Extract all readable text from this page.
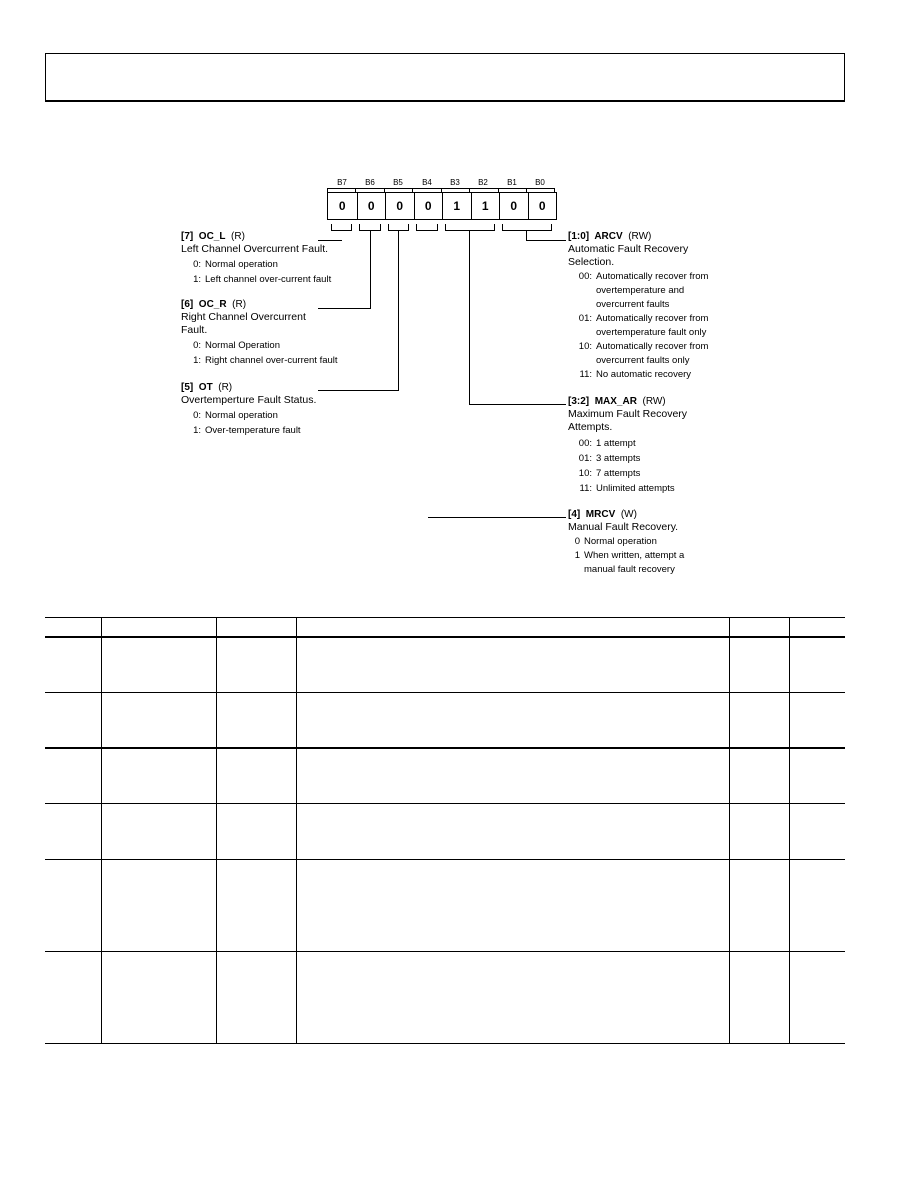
B7	B6	B5	B4	B3	B2	B1	B0
0	0	0	0	1	1	0	0
[7] OC_L (R)
Left Channel Overcurrent Fault.
0: Normal operation
1: Left channel over-current fault
[6] OC_R (R)
Right Channel Overcurrent
Fault.
0: Normal Operation
1: Right channel over-current fault
[5] OT (R)
Overtemperture Fault Status.
0: Normal operation
1: Over-temperature fault
[1:0] ARCV (RW)
Automatic Fault Recovery
Selection.
00: Automatically recover from overtemperature and overcurrent faults
01: Automatically recover from overtemperature fault only
10: Automatically recover from overcurrent faults only
11: No automatic recovery
[3:2] MAX_AR (RW)
Maximum Fault Recovery
Attempts.
00: 1 attempt
01: 3 attempts
10: 7 attempts
11: Unlimited attempts
[4] MRCV (W)
Manual Fault Recovery.
0 Normal operation
1 When written, attempt a manual fault recovery
